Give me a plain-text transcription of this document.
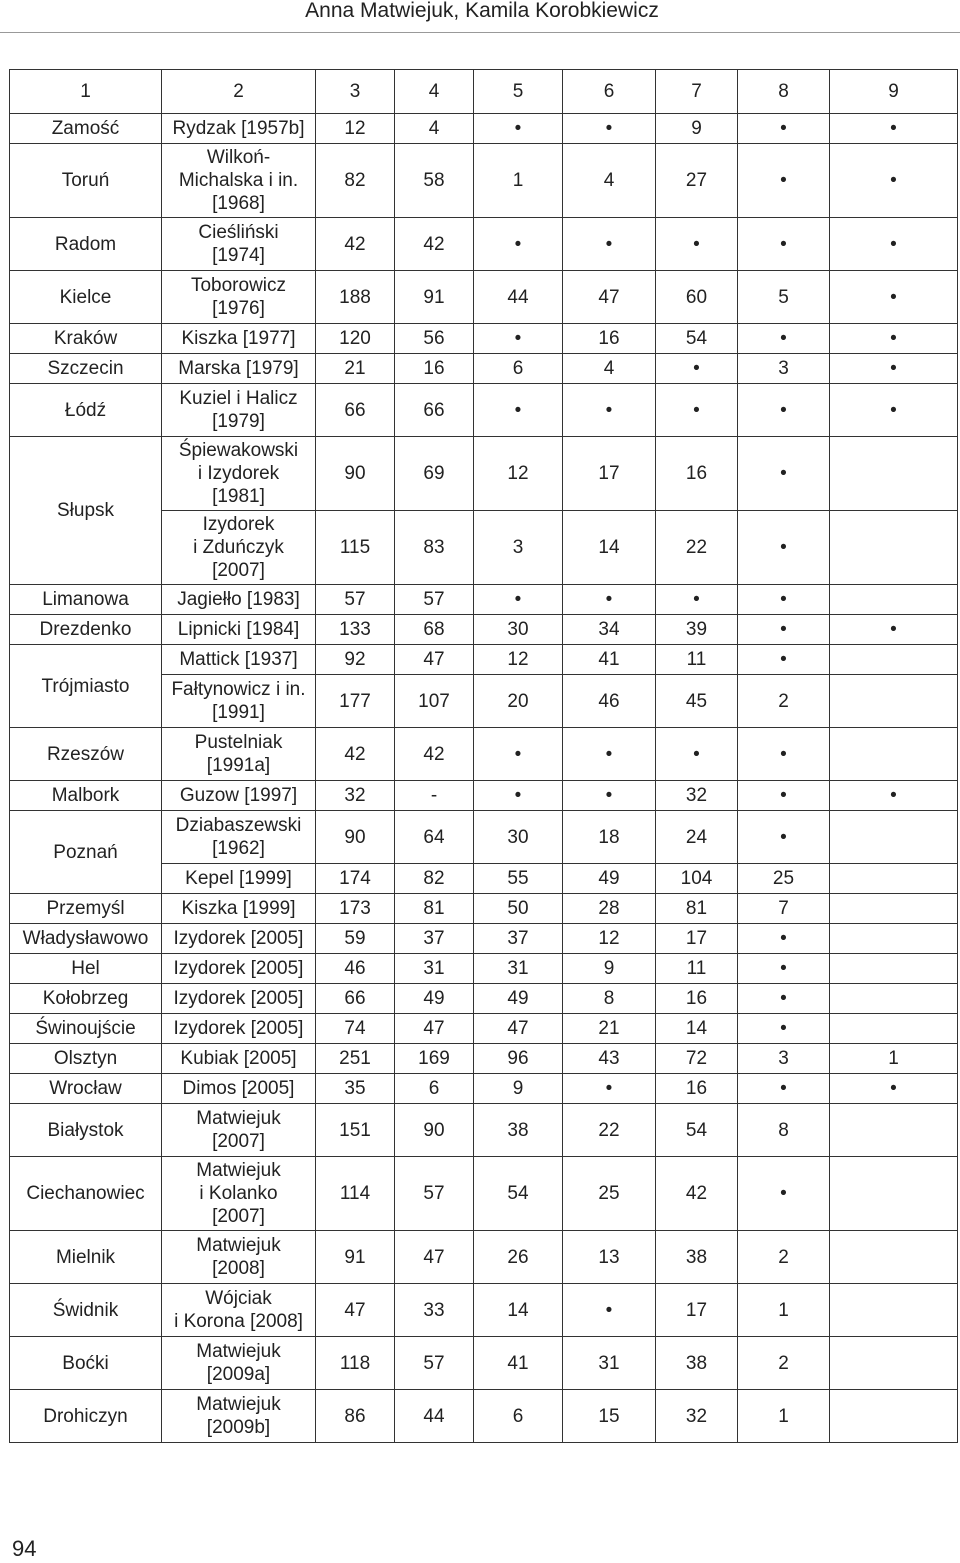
Anna Matwiejuk, Kamila Korobkiewicz
1	2	3	4	5	6	7	8	9
Zamość	Rydzak [1957b]	12	4	•	•	9	•	•
Toruń	Wilkoń-
Michalska i in.
[1968]	82	58	1	4	27	•	•
Radom	Cieśliński
[1974]	42	42	•	•	•	•	•
Kielce	Toborowicz
[1976]	188	91	44	47	60	5	•
Kraków	Kiszka [1977]	120	56	•	16	54	•	•
Szczecin	Marska [1979]	21	16	6	4	•	3	•
Łódź	Kuziel i Halicz
[1979]	66	66	•	•	•	•	•
Słupsk	Śpiewakowski
i Izydorek
[1981]	90	69	12	17	16	•	
	Izydorek
i Zduńczyk
[2007]	115	83	3	14	22	•	
Limanowa	Jagiełło [1983]	57	57	•	•	•	•	
Drezdenko	Lipnicki [1984]	133	68	30	34	39	•	•
Trójmiasto	Mattick [1937]	92	47	12	41	11	•	
	Fałtynowicz i in.
[1991]	177	107	20	46	45	2	
Rzeszów	Pustelniak
[1991a]	42	42	•	•	•	•	
Malbork	Guzow [1997]	32	-	•	•	32	•	•
Poznań	Dziabaszewski
[1962]	90	64	30	18	24	•	
	Kepel [1999]	174	82	55	49	104	25	
Przemyśl	Kiszka [1999]	173	81	50	28	81	7	
Władysławowo	Izydorek [2005]	59	37	37	12	17	•	
Hel	Izydorek [2005]	46	31	31	9	11	•	
Kołobrzeg	Izydorek [2005]	66	49	49	8	16	•	
Świnoujście	Izydorek [2005]	74	47	47	21	14	•	
Olsztyn	Kubiak [2005]	251	169	96	43	72	3	1
Wrocław	Dimos [2005]	35	6	9	•	16	•	•
Białystok	Matwiejuk
[2007]	151	90	38	22	54	8	
Ciechanowiec	Matwiejuk
i Kolanko
[2007]	114	57	54	25	42	•	
Mielnik	Matwiejuk
[2008]	91	47	26	13	38	2	
Świdnik	Wójciak
i Korona [2008]	47	33	14	•	17	1	
Boćki	Matwiejuk
[2009a]	118	57	41	31	38	2	
Drohiczyn	Matwiejuk
[2009b]	86	44	6	15	32	1	
94
